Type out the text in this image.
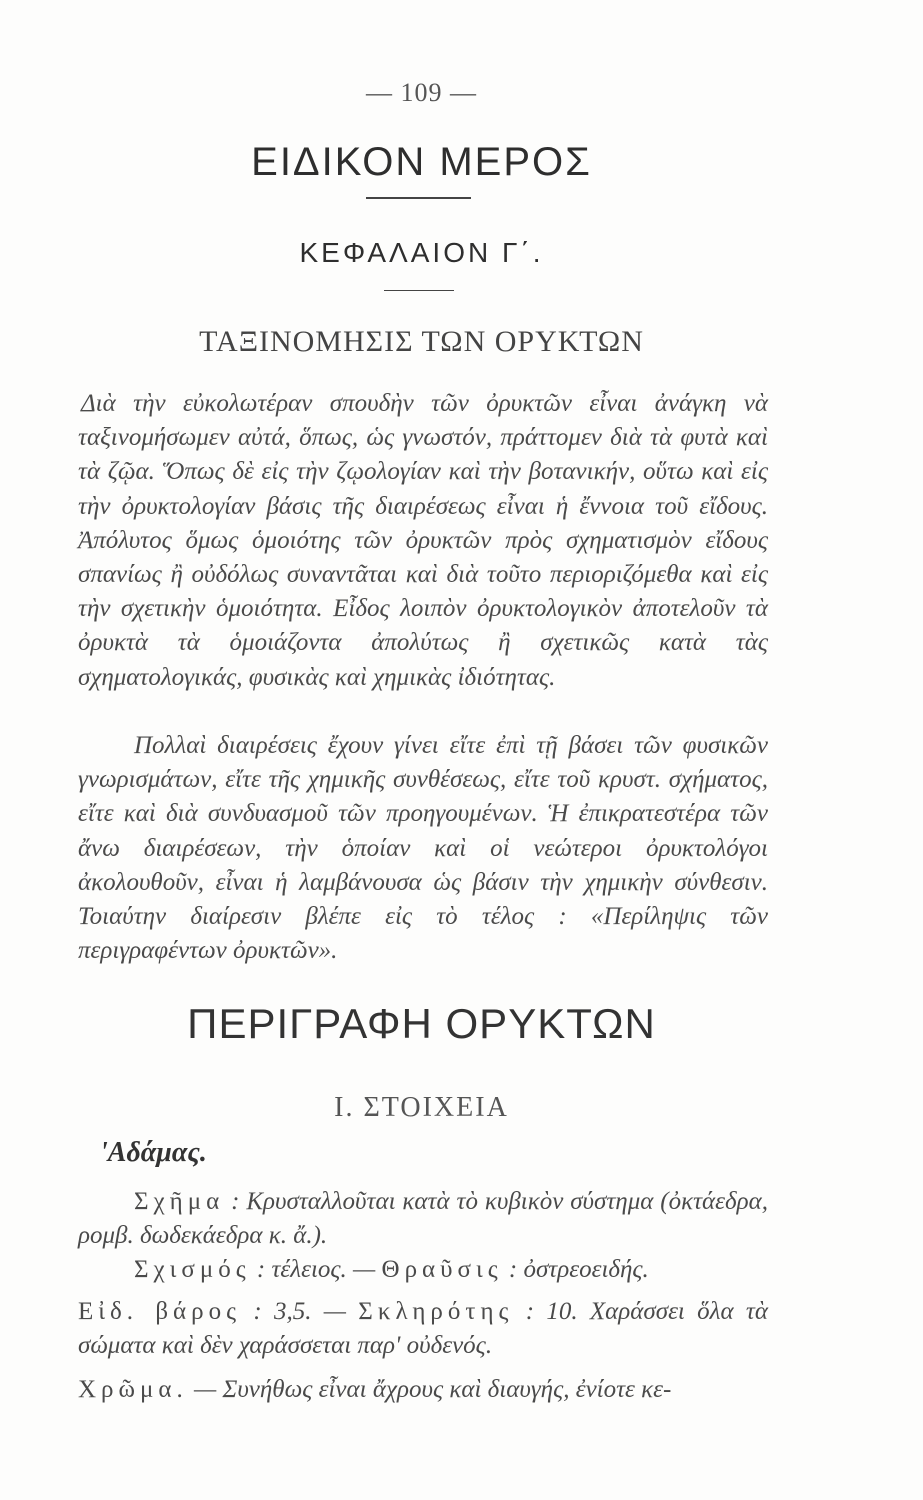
— 109 —
ΕΙΔΙΚΟΝ ΜΕΡΟΣ
ΚΕΦΑΛΑΙΟΝ Γ΄.
ΤΑΞΙΝΟΜΗΣΙΣ ΤΩΝ ΟΡΥΚΤΩΝ

Διὰ τὴν εὐκολωτέραν σπουδὴν τῶν ὀρυκτῶν εἶναι ἀνάγκη νὰ ταξινομήσωμεν αὐτά, ὅπως, ὡς γνωστόν, πράττομεν διὰ τὰ φυτὰ καὶ τὰ ζῷα. Ὅπως δὲ εἰς τὴν ζῳολογίαν καὶ τὴν βοτανικήν, οὕτω καὶ εἰς τὴν ὀρυκτολογίαν βάσις τῆς διαιρέσεως εἶναι ἡ ἔννοια τοῦ εἴδους. Ἀπόλυτος ὅμως ὁμοιότης τῶν ὀρυκτῶν πρὸς σχηματισμὸν εἴδους σπανίως ἢ οὐδόλως συναντᾶται καὶ διὰ τοῦτο περιοριζόμεθα καὶ εἰς τὴν σχετικὴν ὁμοιότητα. Εἶδος λοιπὸν ὀρυκτολογικὸν ἀποτελοῦν τὰ ὀρυκτὰ τὰ ὁμοιάζοντα ἀπολύτως ἢ σχετικῶς κατὰ τὰς σχηματολογικάς, φυσικὰς καὶ χημικὰς ἰδιότητας.

Πολλαὶ διαιρέσεις ἔχουν γίνει εἴτε ἐπὶ τῇ βάσει τῶν φυσικῶν γνωρισμάτων, εἴτε τῆς χημικῆς συνθέσεως, εἴτε τοῦ κρυστ. σχήματος, εἴτε καὶ διὰ συνδυασμοῦ τῶν προηγουμένων. Ἡ ἐπικρατεστέρα τῶν ἄνω διαιρέσεων, τὴν ὁποίαν καὶ οἱ νεώτεροι ὀρυκτολόγοι ἀκολουθοῦν, εἶναι ἡ λαμβάνουσα ὡς βάσιν τὴν χημικὴν σύνθεσιν. Τοιαύτην διαίρεσιν βλέπε εἰς τὸ τέλος : «Περίληψις τῶν περιγραφέντων ὀρυκτῶν».

ΠΕΡΙΓΡΑΦΗ ΟΡΥΚΤΩΝ
I. ΣΤΟΙΧΕΙΑ
'Αδάμας.

Σχῆμα : Κρυσταλλοῦται κατὰ τὸ κυβικὸν σύστημα (ὀκτάεδρα, ρομβ. δωδεκάεδρα κ. ἄ.).

Σχισμός : τέλειος. — Θραῦσις : ὀστρεοειδής.

Εἰδ. βάρος : 3,5. — Σκληρότης : 10. Χαράσσει ὅλα τὰ σώματα καὶ δὲν χαράσσεται παρ' οὐδενός.

Χρῶμα. — Συνήθως εἶναι ἄχρους καὶ διαυγής, ἐνίοτε κε-
